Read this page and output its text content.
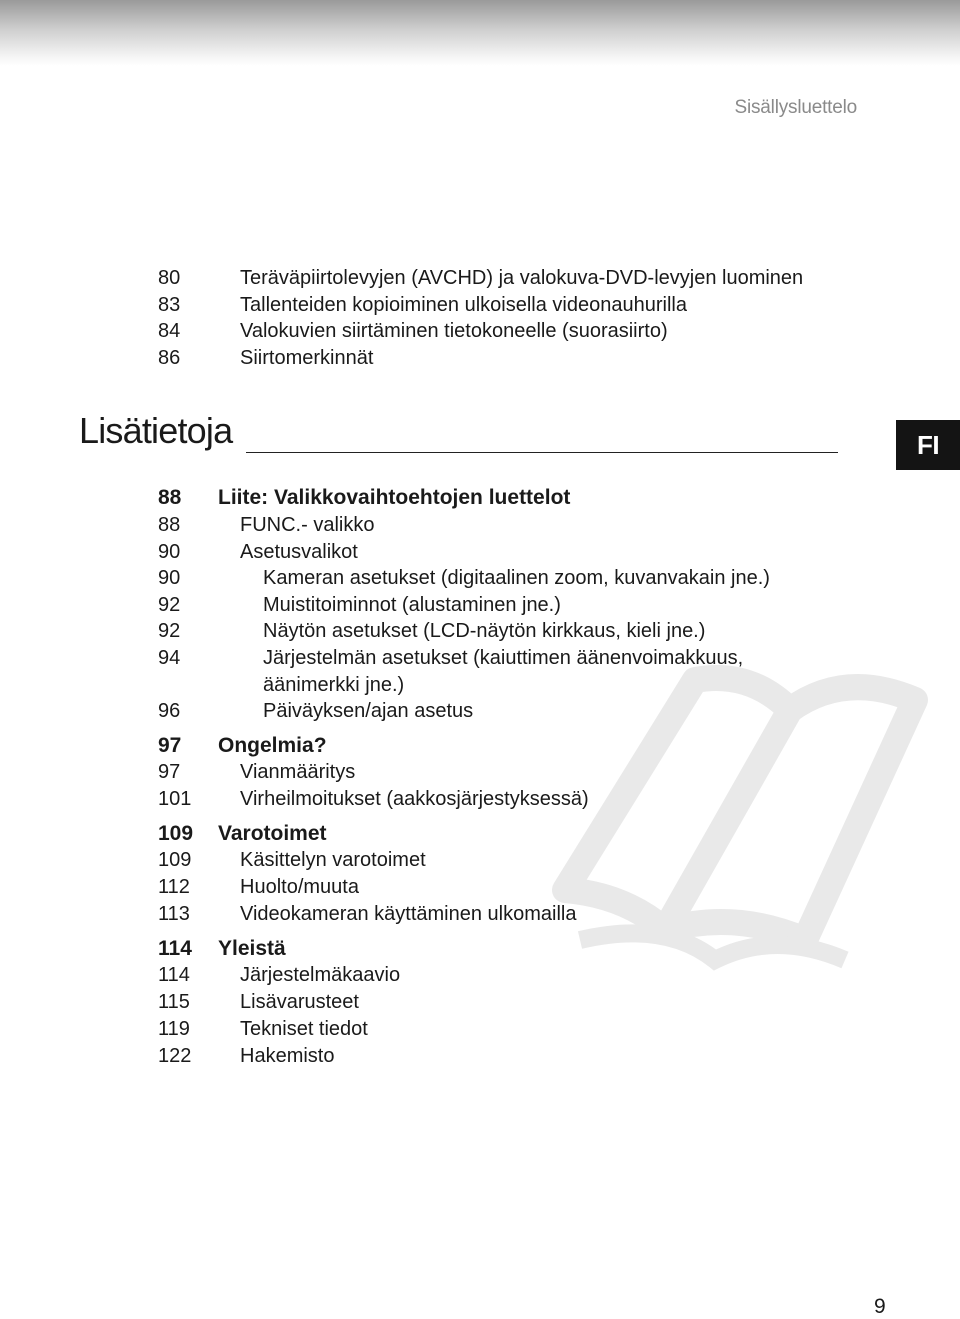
Sisällysluettelo
Lisätietoja	FI
80	Teräväpiirtolevyjen (AVCHD) ja valokuva-DVD-levyjen luominen
83	Tallenteiden kopioiminen ulkoisella videonauhurilla
84	Valokuvien siirtäminen tietokoneelle (suorasiirto)
86	Siirtomerkinnät
88 Liite: Valikkovaihtoehtojen luettelot
88	FUNC.- valikko
90	Asetusvalikot
90	Kameran asetukset (digitaalinen zoom, kuvanvakain jne.)
92	Muistitoiminnot (alustaminen jne.)
92	Näytön asetukset (LCD-näytön kirkkaus, kieli jne.)
94	Järjestelmän asetukset (kaiuttimen äänenvoimakkuus,
äänimerkki jne.)
96	Päiväyksen/ajan asetus
97 Ongelmia?
97	Vianmääritys
101 Virheilmoitukset (aakkosjärjestyksessä)
109 Varotoimet
109 Käsittelyn varotoimet
112	Huolto/muuta
113	Videokameran käyttäminen ulkomailla
114 Yleistä
114	Järjestelmäkaavio
115	Lisävarusteet
119	Tekniset tiedot
122 Hakemisto
9
